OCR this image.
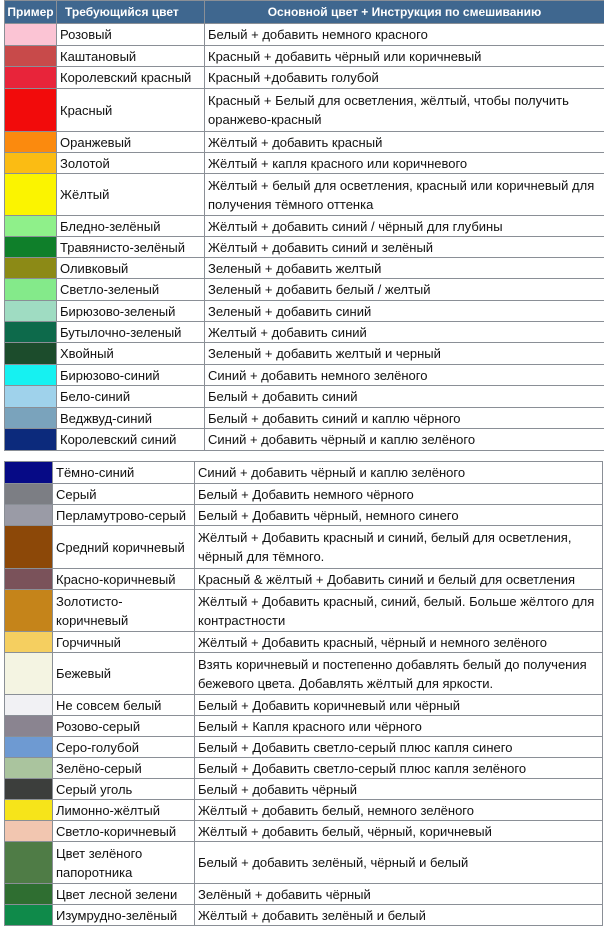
Пример	Требующийся цвет	Основной цвет + Инструкция по смешиванию
	Розовый	Белый + добавить немного красного
	Каштановый	Красный + добавить чёрный или коричневый
	Королевский красный	Красный +добавить голубой
	Красный	Красный + Белый для осветления, жёлтый, чтобы получить оранжево-красный
	Оранжевый	Жёлтый + добавить красный
	Золотой	Жёлтый + капля красного или коричневого
	Жёлтый	Жёлтый + белый для осветления, красный или коричневый для получения тёмного оттенка
	Бледно-зелёный	Жёлтый + добавить синий / чёрный для глубины
	Травянисто-зелёный	Жёлтый + добавить синий и зелёный
	Оливковый	Зеленый + добавить желтый
	Светло-зеленый	Зеленый + добавить белый / желтый
	Бирюзово-зеленый	Зеленый + добавить синий
	Бутылочно-зеленый	Желтый + добавить синий
	Хвойный	Зеленый + добавить желтый и черный
	Бирюзово-синий	Синий + добавить немного зелёного
	Бело-синий	Белый + добавить синий
	Веджвуд-синий	Белый + добавить синий и каплю чёрного
	Королевский синий	Синий + добавить чёрный и каплю зелёного
	Тёмно-синий	Синий + добавить чёрный и каплю зелёного
	Серый	Белый + Добавить немного чёрного
	Перламутрово-серый	Белый + Добавить чёрный, немного синего
	Средний коричневый	Жёлтый + Добавить красный и синий, белый для осветления, чёрный для тёмного.
	Красно-коричневый	Красный & жёлтый + Добавить синий и белый для осветления
	Золотисто-коричневый	Жёлтый + Добавить красный, синий, белый. Больше жёлтого для контрастности
	Горчичный	Жёлтый + Добавить красный, чёрный и немного зелёного
	Бежевый	Взять коричневый и постепенно добавлять белый до получения бежевого цвета. Добавлять жёлтый для яркости.
	Не совсем белый	Белый + Добавить коричневый или чёрный
	Розово-серый	Белый + Капля красного или чёрного
	Серо-голубой	Белый + Добавить светло-серый плюс капля синего
	Зелёно-серый	Белый + Добавить светло-серый плюс капля зелёного
	Серый уголь	Белый + добавить чёрный
	Лимонно-жёлтый	Жёлтый + добавить белый, немного зелёного
	Светло-коричневый	Жёлтый + добавить белый, чёрный, коричневый
	Цвет зелёного папоротника	Белый + добавить зелёный, чёрный и белый
	Цвет лесной зелени	Зелёный + добавить чёрный
	Изумрудно-зелёный	Жёлтый + добавить зелёный и белый
